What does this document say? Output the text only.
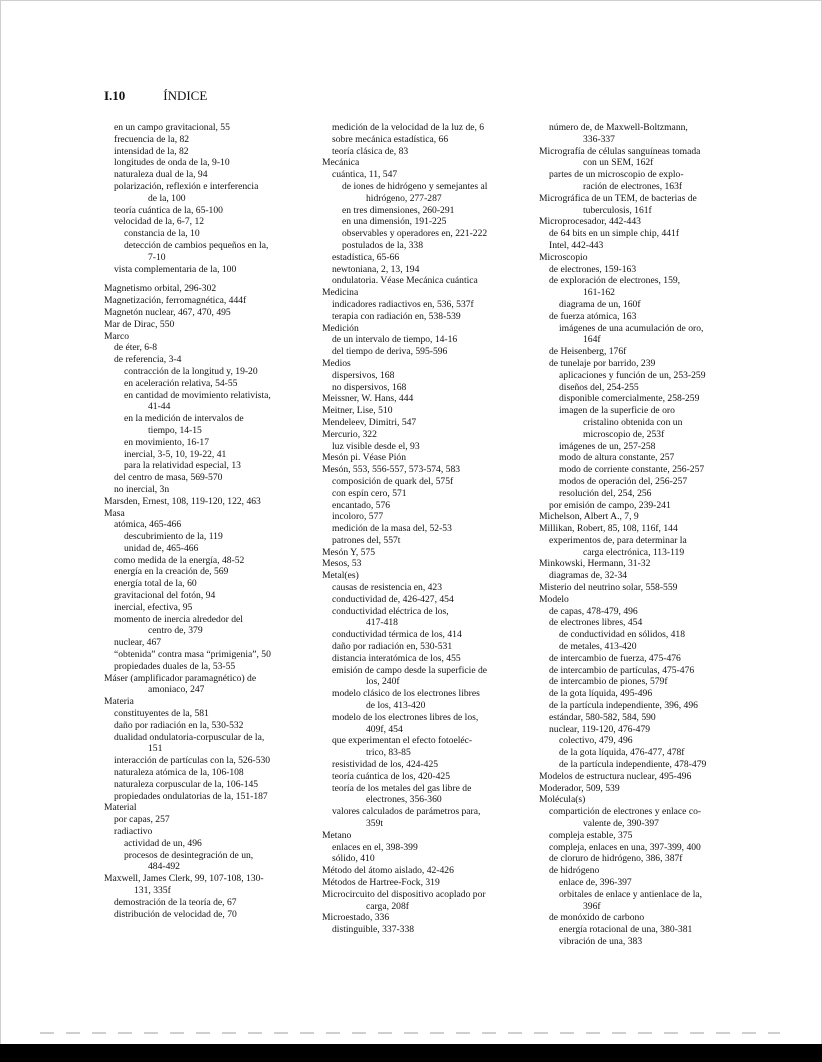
I.10	ÍNDICE
en un campo gravitacional, 55
frecuencia de la, 82
intensidad de la, 82
longitudes de onda de la, 9-10
naturaleza dual de la, 94
polarización, reflexión e interferencia
de la, 100
teoría cuántica de la, 65-100
velocidad de la, 6-7, 12
constancia de la, 10
detección de cambios pequeños en la,
7-10
vista complementaria de la, 100
Magnetismo orbital, 296-302
Magnetización, ferromagnética, 444f
Magnetón nuclear, 467, 470, 495
Mar de Dirac, 550
Marco
de éter, 6-8
de referencia, 3-4
contracción de la longitud y, 19-20
en aceleración relativa, 54-55
en cantidad de movimiento relativista,
41-44
en la medición de intervalos de
tiempo, 14-15
en movimiento, 16-17
inercial, 3-5, 10, 19-22, 41
para la relatividad especial, 13
del centro de masa, 569-570
no inercial, 3n
Marsden, Ernest, 108, 119-120, 122, 463
Masa
atómica, 465-466
descubrimiento de la, 119
unidad de, 465-466
como medida de la energía, 48-52
energía en la creación de, 569
energía total de la, 60
gravitacional del fotón, 94
inercial, efectiva, 95
momento de inercia alrededor del
centro de, 379
nuclear, 467
“obtenida” contra masa “primigenia”, 50
propiedades duales de la, 53-55
Máser (amplificador paramagnético) de
amoniaco, 247
Materia
constituyentes de la, 581
daño por radiación en la, 530-532
dualidad ondulatoria-corpuscular de la,
151
interacción de partículas con la, 526-530
naturaleza atómica de la, 106-108
naturaleza corpuscular de la, 106-145
propiedades ondulatorias de la, 151-187
Material
por capas, 257
radiactivo
actividad de un, 496
procesos de desintegración de un,
484-492
Maxwell, James Clerk, 99, 107-108, 130-
131, 335f
demostración de la teoría de, 67
distribución de velocidad de, 70
medición de la velocidad de la luz de, 6
sobre mecánica estadística, 66
teoría clásica de, 83
Mecánica
cuántica, 11, 547
de iones de hidrógeno y semejantes al
hidrógeno, 277-287
en tres dimensiones, 260-291
en una dimensión, 191-225
observables y operadores en, 221-222
postulados de la, 338
estadística, 65-66
newtoniana, 2, 13, 194
ondulatoria. Véase Mecánica cuántica
Medicina
indicadores radiactivos en, 536, 537f
terapia con radiación en, 538-539
Medición
de un intervalo de tiempo, 14-16
del tiempo de deriva, 595-596
Medios
dispersivos, 168
no dispersivos, 168
Meissner, W. Hans, 444
Meitner, Lise, 510
Mendeleev, Dimitri, 547
Mercurio, 322
luz visible desde el, 93
Mesón pi. Véase Pión
Mesón, 553, 556-557, 573-574, 583
composición de quark del, 575f
con espín cero, 571
encantado, 576
incoloro, 577
medición de la masa del, 52-53
patrones del, 557t
Mesón Y, 575
Mesos, 53
Metal(es)
causas de resistencia en, 423
conductividad de, 426-427, 454
conductividad eléctrica de los,
417-418
conductividad térmica de los, 414
daño por radiación en, 530-531
distancia interatómica de los, 455
emisión de campo desde la superficie de
los, 240f
modelo clásico de los electrones libres
de los, 413-420
modelo de los electrones libres de los,
409f, 454
que experimentan el efecto fotoeléc-
trico, 83-85
resistividad de los, 424-425
teoría cuántica de los, 420-425
teoría de los metales del gas libre de
electrones, 356-360
valores calculados de parámetros para,
359t
Metano
enlaces en el, 398-399
sólido, 410
Método del átomo aislado, 42-426
Métodos de Hartree-Fock, 319
Microcircuito del dispositivo acoplado por
carga, 208f
Microestado, 336
distinguible, 337-338
número de, de Maxwell-Boltzmann,
336-337
Micrografía de células sanguíneas tomada
con un SEM, 162f
partes de un microscopio de explo-
ración de electrones, 163f
Micrográfica de un TEM, de bacterias de
tuberculosis, 161f
Microprocesador, 442-443
de 64 bits en un simple chip, 441f
Intel, 442-443
Microscopio
de electrones, 159-163
de exploración de electrones, 159,
161-162
diagrama de un, 160f
de fuerza atómica, 163
imágenes de una acumulación de oro,
164f
de Heisenberg, 176f
de tunelaje por barrido, 239
aplicaciones y función de un, 253-259
diseños del, 254-255
disponible comercialmente, 258-259
imagen de la superficie de oro
cristalino obtenida con un
microscopio de, 253f
imágenes de un, 257-258
modo de altura constante, 257
modo de corriente constante, 256-257
modos de operación del, 256-257
resolución del, 254, 256
por emisión de campo, 239-241
Michelson, Albert A., 7, 9
Millikan, Robert, 85, 108, 116f, 144
experimentos de, para determinar la
carga electrónica, 113-119
Minkowski, Hermann, 31-32
diagramas de, 32-34
Misterio del neutrino solar, 558-559
Modelo
de capas, 478-479, 496
de electrones libres, 454
de conductividad en sólidos, 418
de metales, 413-420
de intercambio de fuerza, 475-476
de intercambio de partículas, 475-476
de intercambio de piones, 579f
de la gota líquida, 495-496
de la partícula independiente, 396, 496
estándar, 580-582, 584, 590
nuclear, 119-120, 476-479
colectivo, 479, 496
de la gota líquida, 476-477, 478f
de la partícula independiente, 478-479
Modelos de estructura nuclear, 495-496
Moderador, 509, 539
Molécula(s)
compartición de electrones y enlace co-
valente de, 390-397
compleja estable, 375
compleja, enlaces en una, 397-399, 400
de cloruro de hidrógeno, 386, 387f
de hidrógeno
enlace de, 396-397
orbitales de enlace y antienlace de la,
396f
de monóxido de carbono
energía rotacional de una, 380-381
vibración de una, 383
